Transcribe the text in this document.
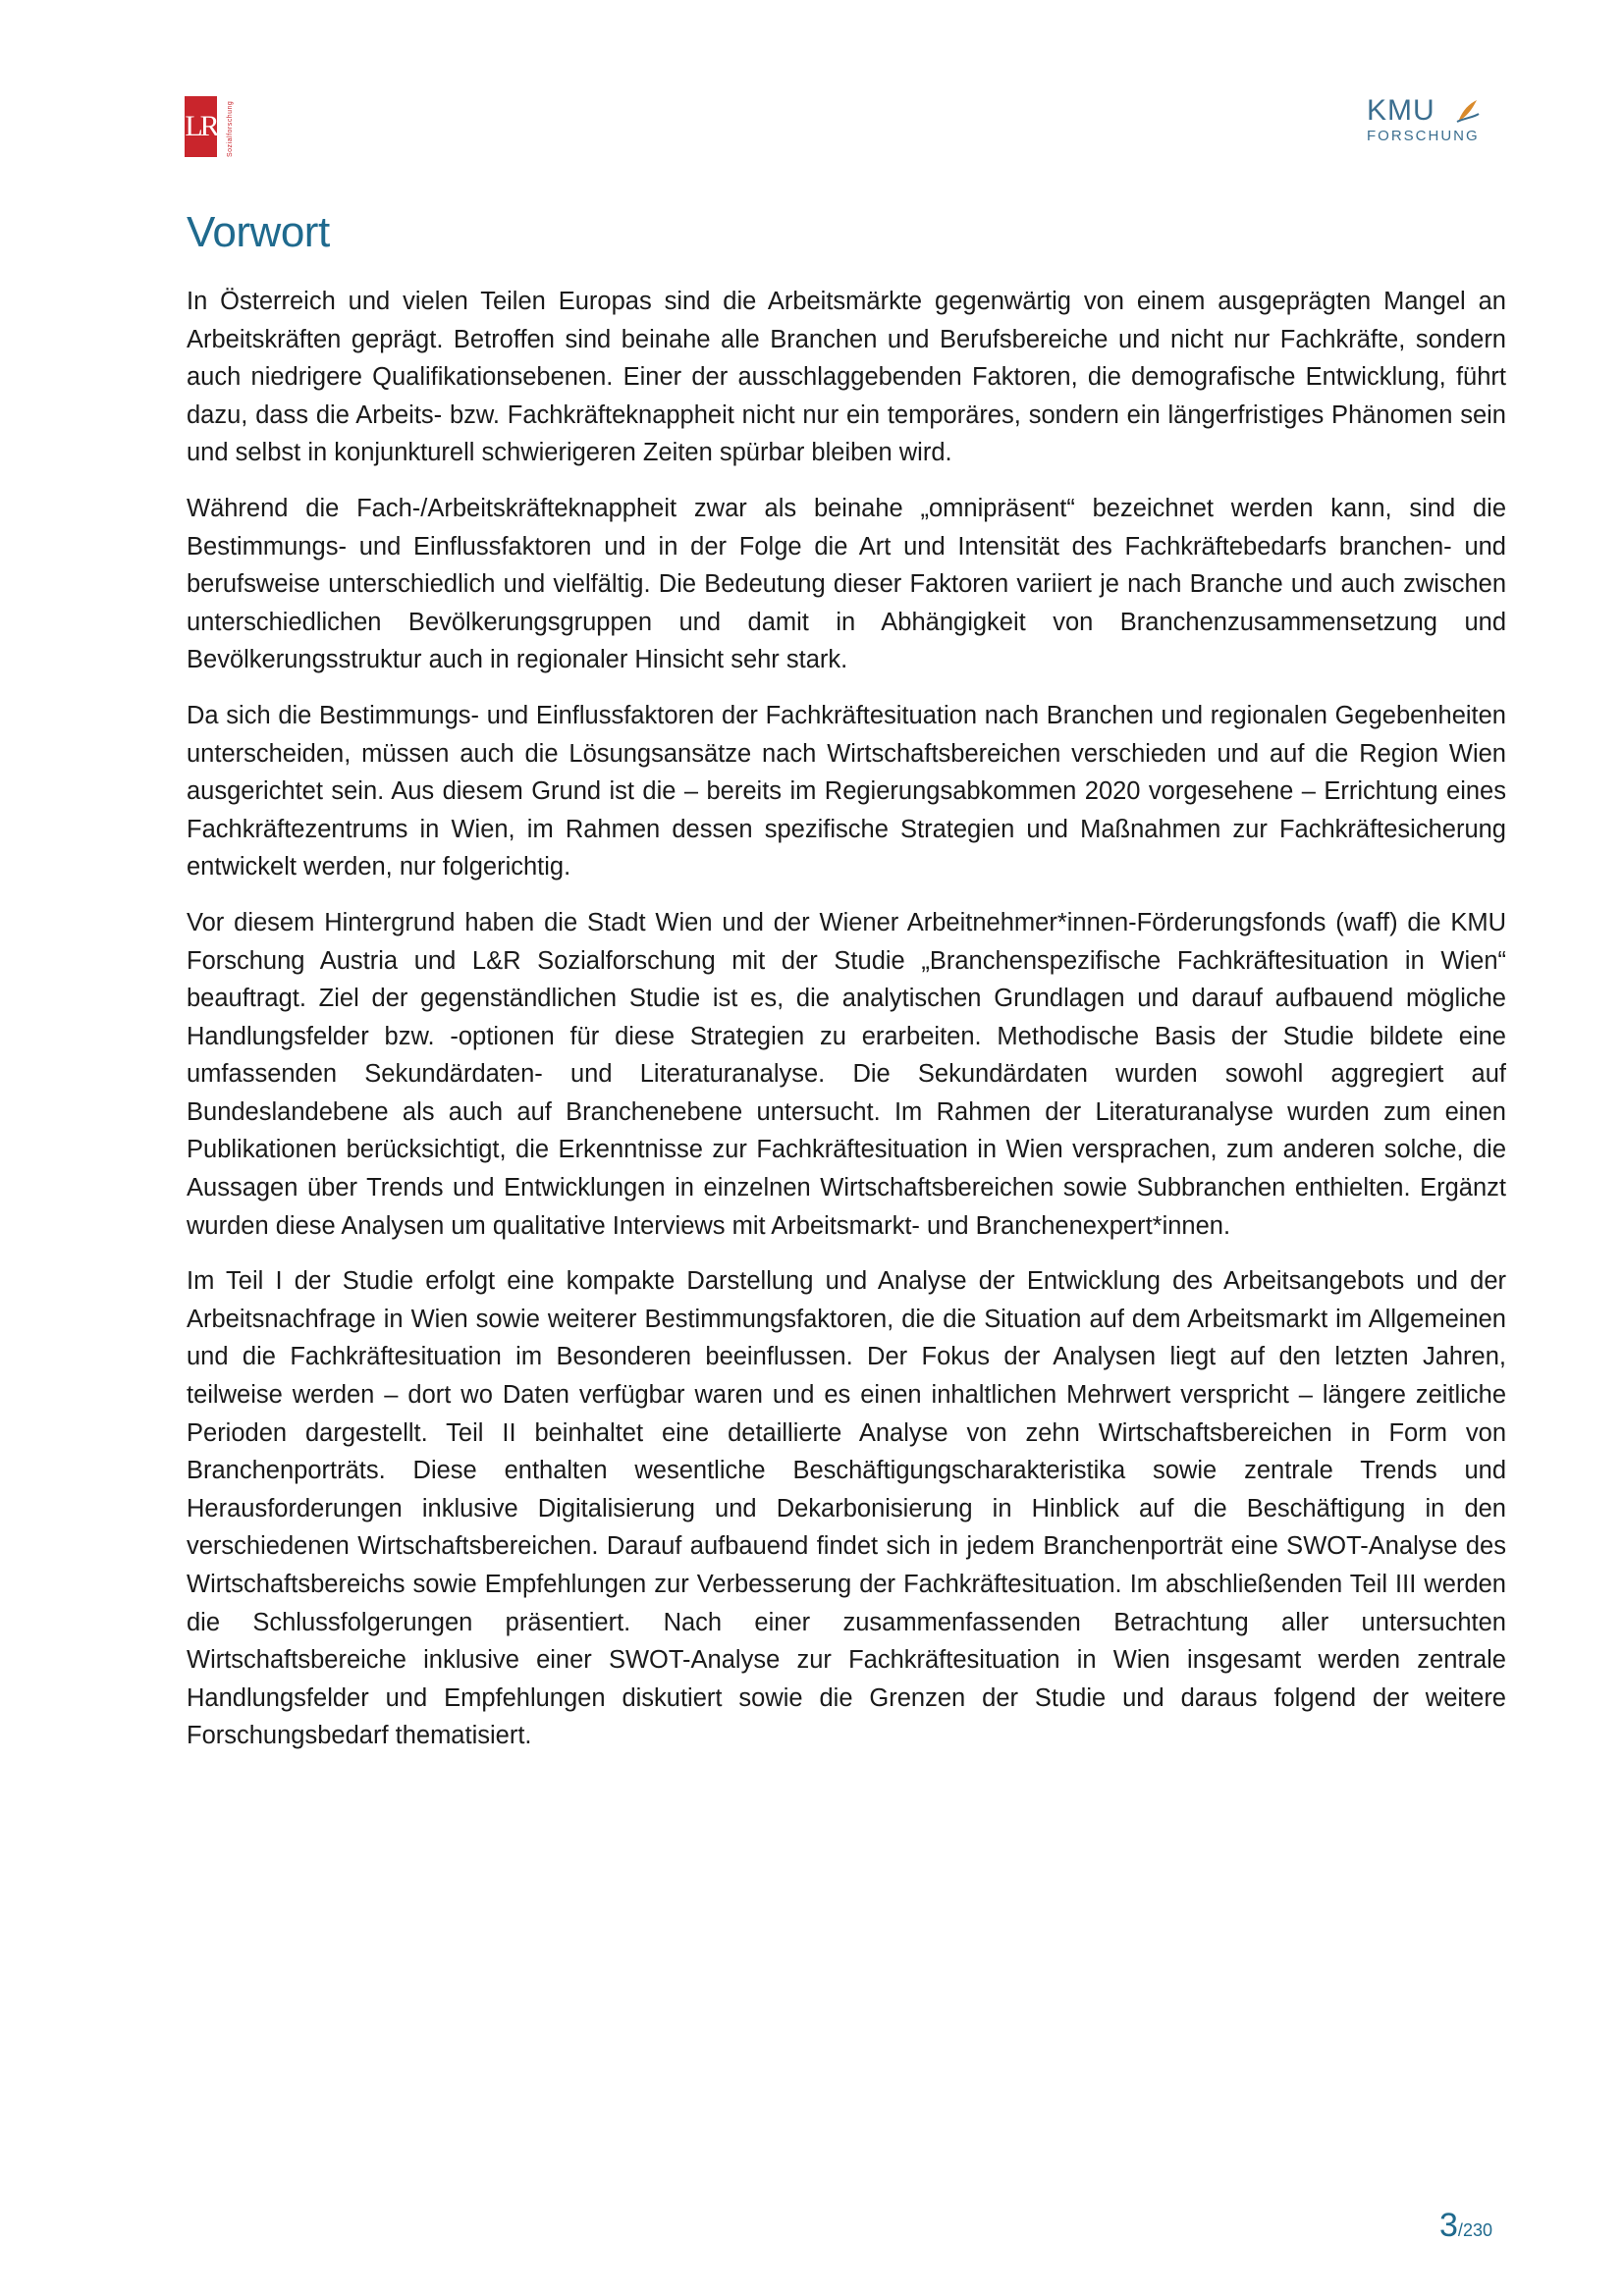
LR	Sozialforschung	KMU
FORSCHUNG
Vorwort

In Österreich und vielen Teilen Europas sind die Arbeitsmärkte gegenwärtig von einem ausgeprägten Mangel an Arbeitskräften geprägt. Betroffen sind beinahe alle Branchen und Berufsbereiche und nicht nur Fachkräfte, sondern auch niedrigere Qualifikationsebenen. Einer der ausschlaggebenden Faktoren, die demografische Entwicklung, führt dazu, dass die Arbeits- bzw. Fachkräfteknappheit nicht nur ein temporäres, sondern ein längerfristiges Phänomen sein und selbst in konjunkturell schwierigeren Zeiten spürbar bleiben wird.

Während die Fach-/Arbeitskräfteknappheit zwar als beinahe „omnipräsent“ bezeichnet werden kann, sind die Bestimmungs- und Einflussfaktoren und in der Folge die Art und Intensität des Fachkräftebedarfs branchen- und berufsweise unterschiedlich und vielfältig. Die Bedeutung dieser Faktoren variiert je nach Branche und auch zwischen unterschiedlichen Bevölkerungsgruppen und damit in Abhängigkeit von Branchenzusammensetzung und Bevölkerungsstruktur auch in regionaler Hinsicht sehr stark.

Da sich die Bestimmungs- und Einflussfaktoren der Fachkräftesituation nach Branchen und regionalen Gegebenheiten unterscheiden, müssen auch die Lösungsansätze nach Wirtschaftsbereichen verschieden und auf die Region Wien ausgerichtet sein. Aus diesem Grund ist die – bereits im Regierungsabkommen 2020 vorgesehene – Errichtung eines Fachkräftezentrums in Wien, im Rahmen dessen spezifische Strategien und Maßnahmen zur Fachkräftesicherung entwickelt werden, nur folgerichtig.

Vor diesem Hintergrund haben die Stadt Wien und der Wiener Arbeitnehmer*innen-Förderungsfonds (waff) die KMU Forschung Austria und L&R Sozialforschung mit der Studie „Branchenspezifische Fachkräftesituation in Wien“ beauftragt. Ziel der gegenständlichen Studie ist es, die analytischen Grundlagen und darauf aufbauend mögliche Handlungsfelder bzw. -optionen für diese Strategien zu erarbeiten. Methodische Basis der Studie bildete eine umfassenden Sekundärdaten- und Literaturanalyse. Die Sekundärdaten wurden sowohl aggregiert auf Bundeslandebene als auch auf Branchenebene untersucht. Im Rahmen der Literaturanalyse wurden zum einen Publikationen berücksichtigt, die Erkenntnisse zur Fachkräftesituation in Wien versprachen, zum anderen solche, die Aussagen über Trends und Entwicklungen in einzelnen Wirtschaftsbereichen sowie Subbranchen enthielten. Ergänzt wurden diese Analysen um qualitative Interviews mit Arbeitsmarkt- und Branchenexpert*innen.

Im Teil I der Studie erfolgt eine kompakte Darstellung und Analyse der Entwicklung des Arbeitsangebots und der Arbeitsnachfrage in Wien sowie weiterer Bestimmungsfaktoren, die die Situation auf dem Arbeitsmarkt im Allgemeinen und die Fachkräftesituation im Besonderen beeinflussen. Der Fokus der Analysen liegt auf den letzten Jahren, teilweise werden – dort wo Daten verfügbar waren und es einen inhaltlichen Mehrwert verspricht – längere zeitliche Perioden dargestellt. Teil II beinhaltet eine detaillierte Analyse von zehn Wirtschaftsbereichen in Form von Branchenporträts. Diese enthalten wesentliche Beschäftigungscharakteristika sowie zentrale Trends und Herausforderungen inklusive Digitalisierung und Dekarbonisierung in Hinblick auf die Beschäftigung in den verschiedenen Wirtschaftsbereichen. Darauf aufbauend findet sich in jedem Branchenporträt eine SWOT-Analyse des Wirtschaftsbereichs sowie Empfehlungen zur Verbesserung der Fachkräftesituation. Im abschließenden Teil III werden die Schlussfolgerungen präsentiert. Nach einer zusammenfassenden Betrachtung aller untersuchten Wirtschaftsbereiche inklusive einer SWOT-Analyse zur Fachkräftesituation in Wien insgesamt werden zentrale Handlungsfelder und Empfehlungen diskutiert sowie die Grenzen der Studie und daraus folgend der weitere Forschungsbedarf thematisiert.

3/230
